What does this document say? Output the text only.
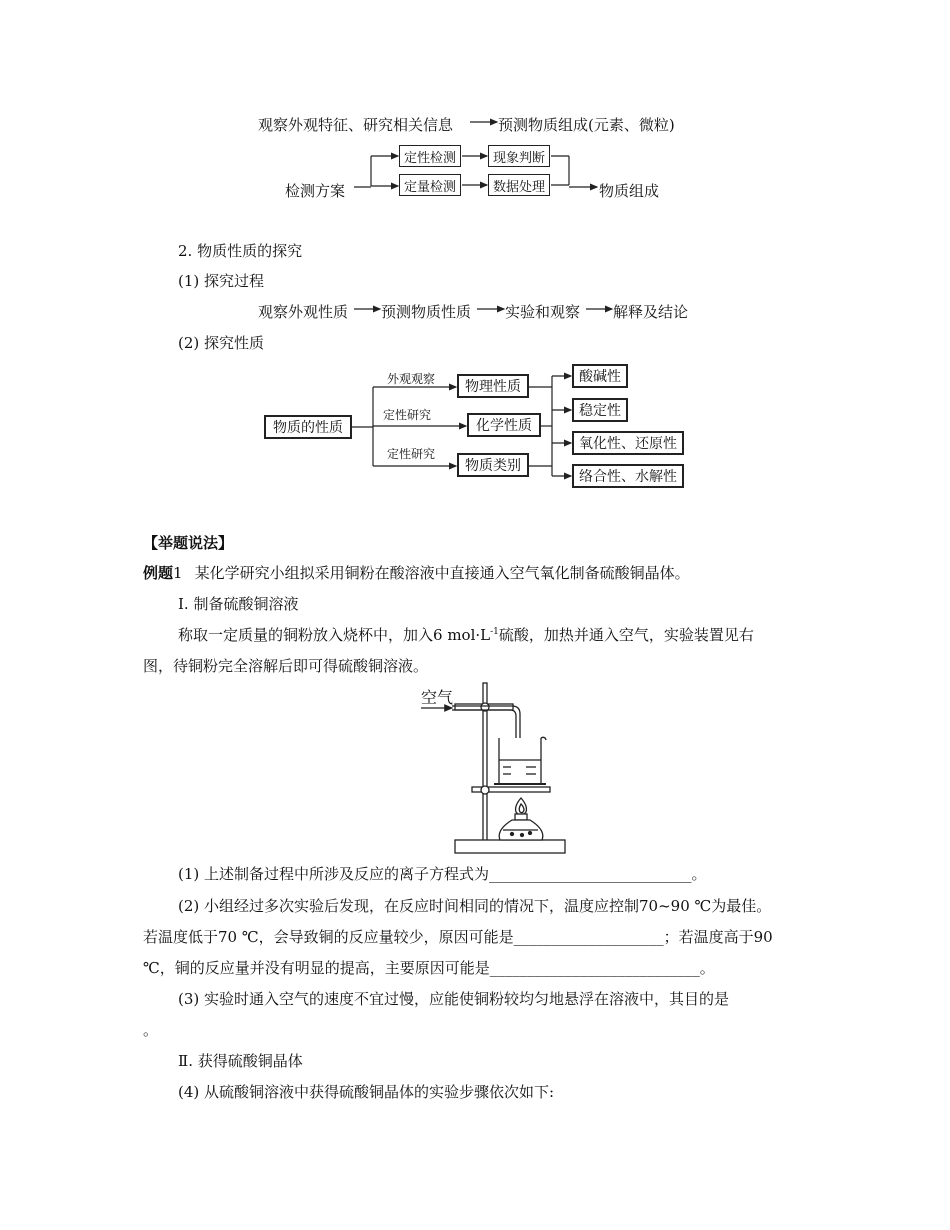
观察外观特征、研究相关信息	预测物质组成(元素、微粒)
检测方案
定性检测	现象判断
定量检测	数据处理	物质组成
2. 物质性质的探究
(1) 探究过程
观察外观性质 预测物质性质 实验和观察 解释及结论
(2) 探究性质
物质的性质
外观观察
定性研究
定性研究
物理性质
化学性质
物质类别
酸碱性
稳定性
氧化性、还原性
络合性、水解性
【举题说法】
例题1 某化学研究小组拟采用铜粉在酸溶液中直接通入空气氧化制备硫酸铜晶体。
Ⅰ. 制备硫酸铜溶液
称取一定质量的铜粉放入烧杯中，加入6 $mol\cdot L^{-1}$硫酸，加热并通入空气，实验装置见右
图，待铜粉完全溶解后即可得硫酸铜溶液。
空气
(1) 上述制备过程中所涉及反应的离子方程式为___________________________。
(2) 小组经过多次实验后发现，在反应时间相同的情况下，温度应控制70~90 ℃为最佳。
若温度低于70 ℃，会导致铜的反应量较少，原因可能是____________________；若温度高于90
℃，铜的反应量并没有明显的提高，主要原因可能是____________________________。
(3) 实验时通入空气的速度不宜过慢，应能使铜粉较均匀地悬浮在溶液中，其目的是
。
Ⅱ. 获得硫酸铜晶体
(4) 从硫酸铜溶液中获得硫酸铜晶体的实验步骤依次如下:
